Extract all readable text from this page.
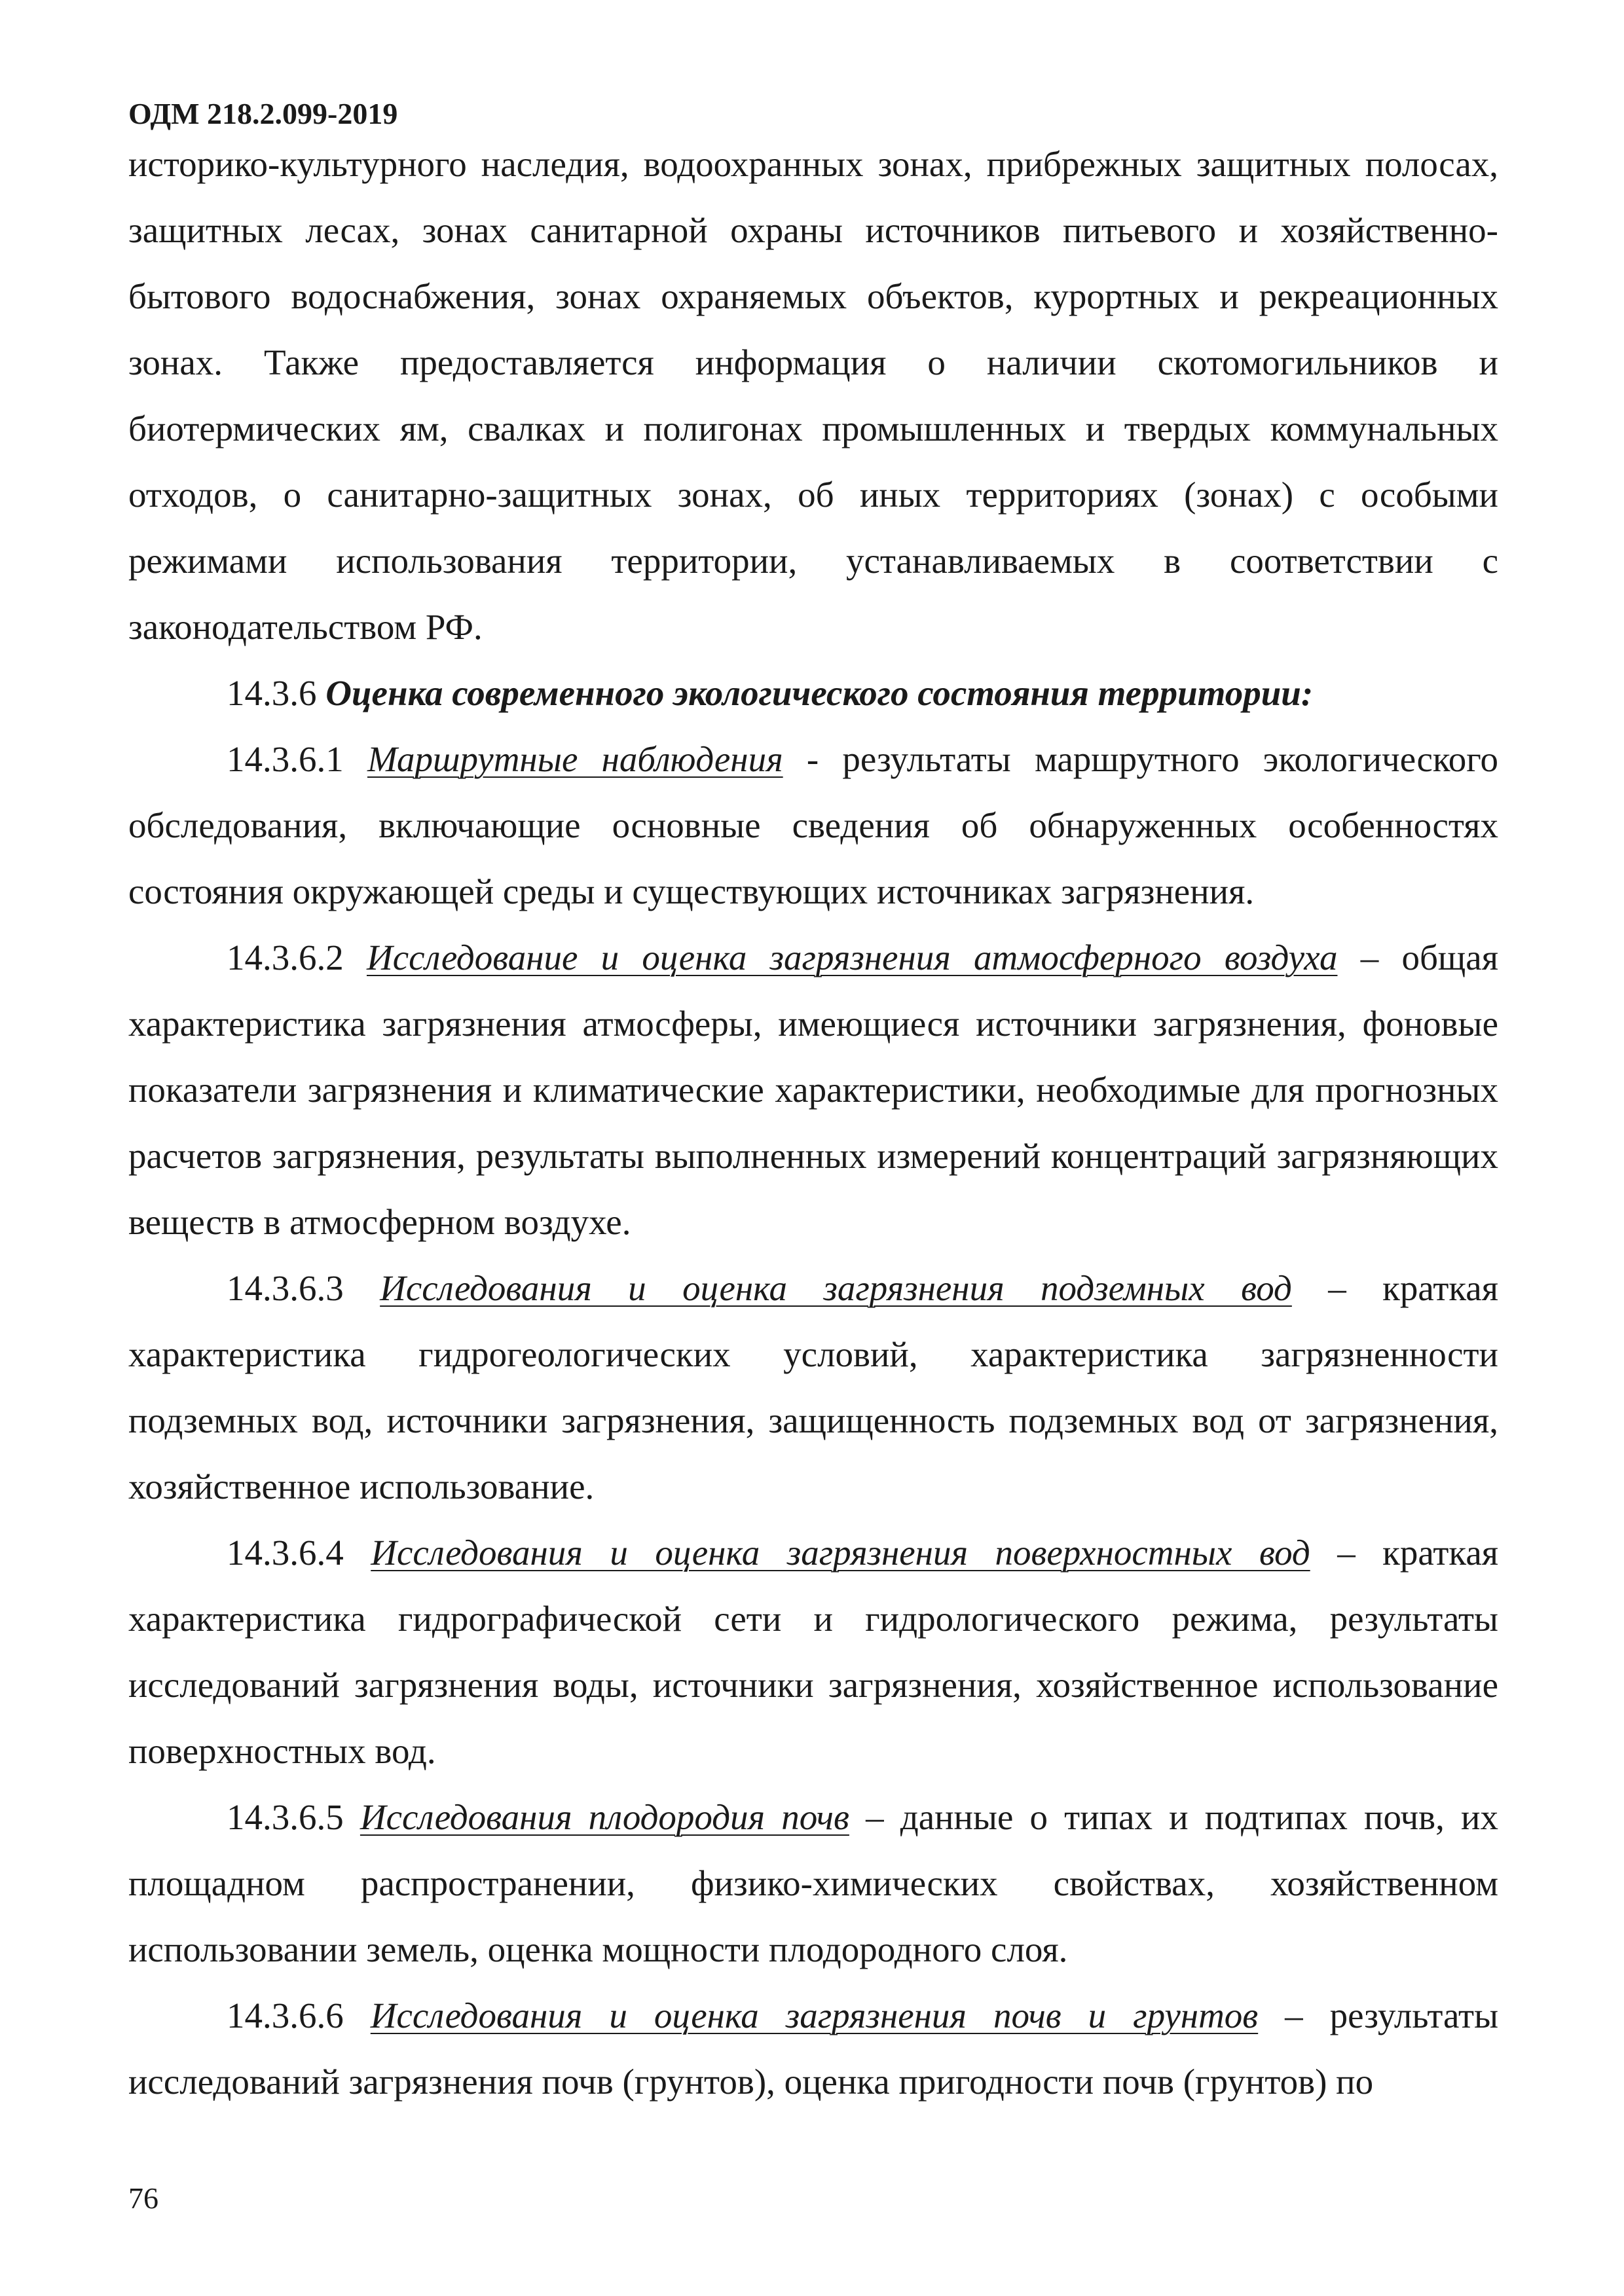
ОДМ 218.2.099-2019

историко-культурного наследия, водоохранных зонах, прибрежных защитных полосах, защитных лесах, зонах санитарной охраны источников питьевого и хозяйственно-бытового водоснабжения, зонах охраняемых объектов, курортных и рекреационных зонах. Также предоставляется информация о наличии скотомогильников и биотермических ям, свалках и полигонах промышленных и твердых коммунальных отходов, о санитарно-защитных зонах, об иных территориях (зонах) с особыми режимами использования территории, устанавливаемых в соответствии с законодательством РФ.

14.3.6 Оценка современного экологического состояния территории:

14.3.6.1 Маршрутные наблюдения - результаты маршрутного экологического обследования, включающие основные сведения об обнаруженных особенностях состояния окружающей среды и существующих источниках загрязнения.

14.3.6.2 Исследование и оценка загрязнения атмосферного воздуха – общая характеристика загрязнения атмосферы, имеющиеся источники загрязнения, фоновые показатели загрязнения и климатические характеристики, необходимые для прогнозных расчетов загрязнения, результаты выполненных измерений концентраций загрязняющих веществ в атмосферном воздухе.

14.3.6.3 Исследования и оценка загрязнения подземных вод – краткая характеристика гидрогеологических условий, характеристика загрязненности подземных вод, источники загрязнения, защищенность подземных вод от загрязнения, хозяйственное использование.

14.3.6.4 Исследования и оценка загрязнения поверхностных вод – краткая характеристика гидрографической сети и гидрологического режима, результаты исследований загрязнения воды, источники загрязнения, хозяйственное использование поверхностных вод.

14.3.6.5 Исследования плодородия почв – данные о типах и подтипах почв, их площадном распространении, физико-химических свойствах, хозяйственном использовании земель, оценка мощности плодородного слоя.

14.3.6.6 Исследования и оценка загрязнения почв и грунтов – результаты исследований загрязнения почв (грунтов), оценка пригодности почв (грунтов) по

76
